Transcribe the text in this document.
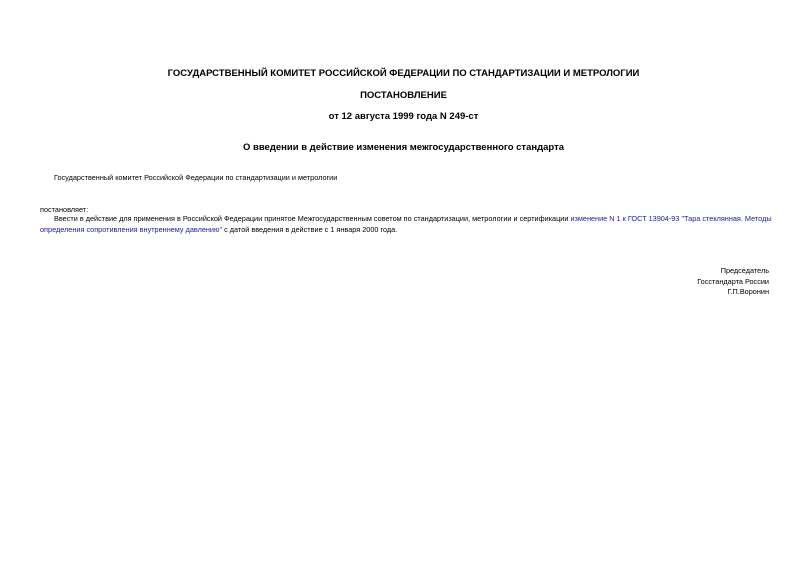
ГОСУДАРСТВЕННЫЙ КОМИТЕТ РОССИЙСКОЙ ФЕДЕРАЦИИ ПО СТАНДАРТИЗАЦИИ И МЕТРОЛОГИИ
ПОСТАНОВЛЕНИЕ
от 12 августа 1999 года N 249-ст
О введении в действие изменения межгосударственного стандарта
Государственный комитет Российской Федерации по стандартизации и метрологии
постановляет:
Ввести в действие для применения в Российской Федерации принятое Межгосударственным советом по стандартизации, метрологии и сертификации изменение N 1 к ГОСТ 13904-93 "Тара стеклянная. Методы определения сопротивления внутреннему давлению" с датой введения в действие с 1 января 2000 года.
Председатель
Госстандарта России
Г.П.Воронин
